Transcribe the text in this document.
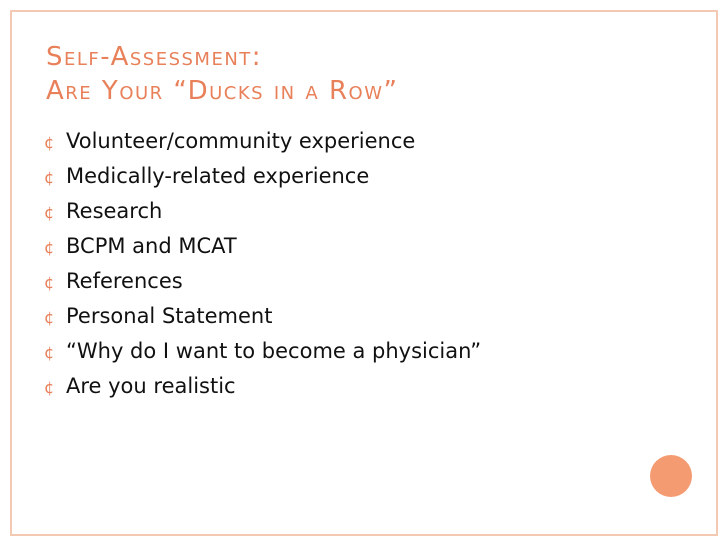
Self-Assessment:
Are Your “Ducks in a Row”
¢ Volunteer/community experience
¢ Medically-related experience
¢ Research
¢ BCPM and MCAT
¢ References
¢ Personal Statement
¢ “Why do I want to become a physician”
¢ Are you realistic
